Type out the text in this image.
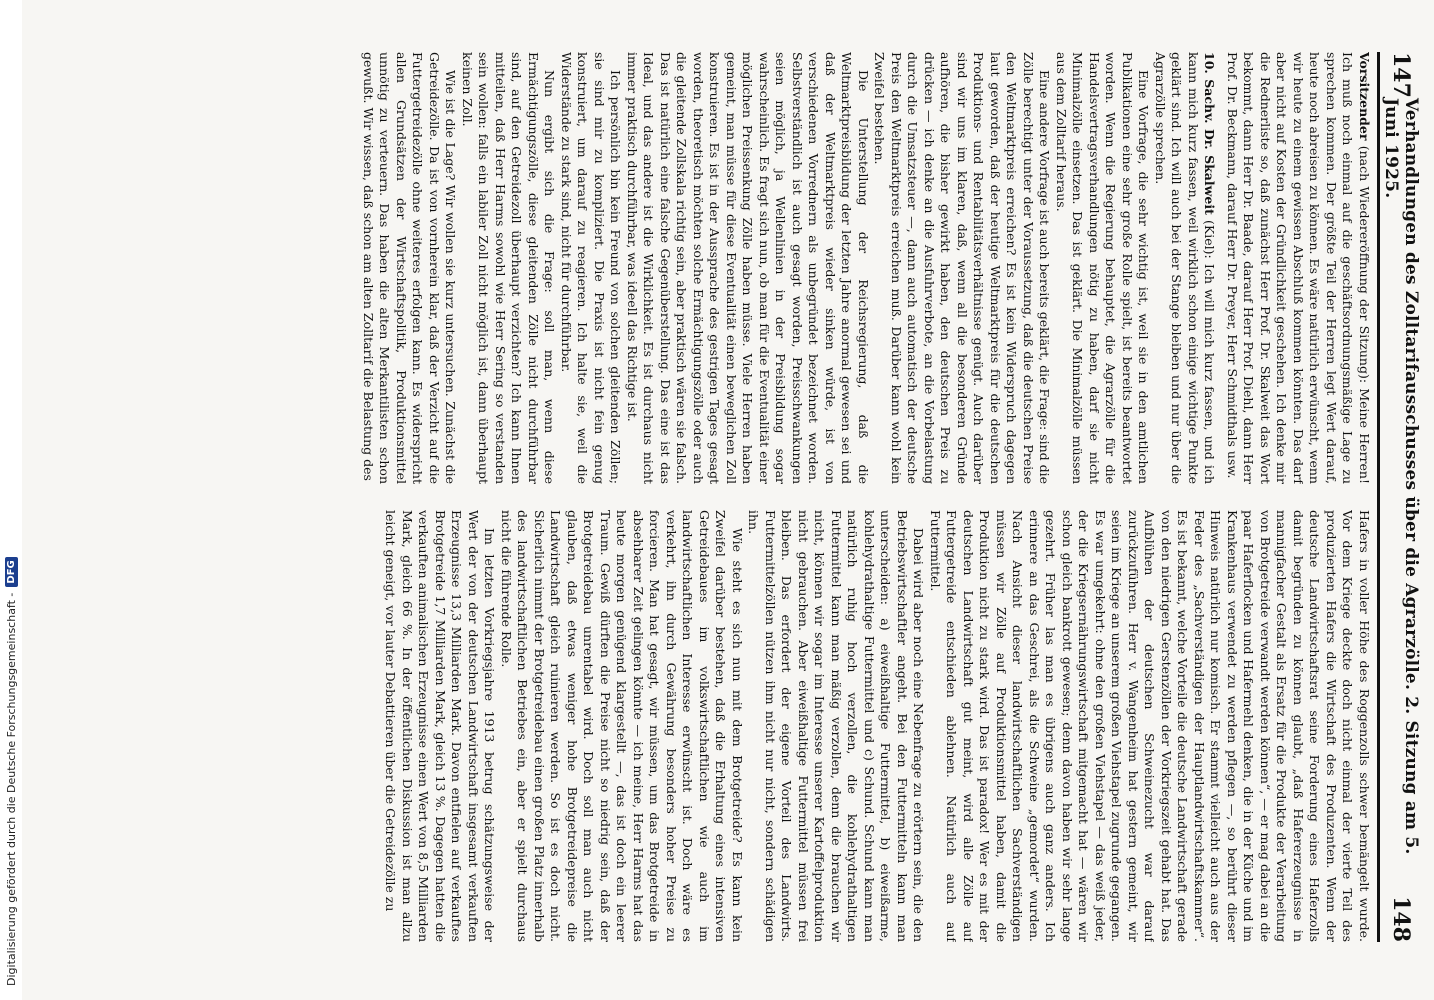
147
Verhandlungen des Zolltarifausschusses über die Agrarzölle. 2. Sitzung am 5. Juni 1925.
148

Vorsitzender (nach Wiedereröffnung der Sitzung): Meine Herren! Ich muß noch einmal auf die geschäftsordnungsmäßige Lage zu sprechen kommen. Der größte Teil der Herren legt Wert darauf, heute noch abreisen zu können. Es wäre natürlich erwünscht, wenn wir heute zu einem gewissen Abschluß kommen könnten. Das darf aber nicht auf Kosten der Gründlichkeit geschehen. Ich denke mir die Rednerliste so, daß zunächst Herr Prof. Dr. Skalweit das Wort bekommt, dann Herr Dr. Baade, darauf Herr Prof. Diehl, dann Herr Prof. Dr. Beckmann, darauf Herr Dr. Preyer, Herr Schmidthals usw.

10. Sachv. Dr. Skalweit (Kiel): Ich will mich kurz fassen, und ich kann mich kurz fassen, weil wirklich schon einige wichtige Punkte geklärt sind. Ich will auch bei der Stange bleiben und nur über die Agrarzölle sprechen.

Eine Vorfrage, die sehr wichtig ist, weil sie in den amtlichen Publikationen eine sehr große Rolle spielt, ist bereits beantwortet worden. Wenn die Regierung behauptet, die Agrarzölle für die Handelsvertragsverhandlungen nötig zu haben, darf sie nicht Minimalzölle einsetzen. Das ist geklärt. Die Minimalzölle müssen aus dem Zolltarif heraus.

Eine andere Vorfrage ist auch bereits geklärt, die Frage: sind die Zölle berechtigt unter der Voraussetzung, daß die deutschen Preise den Weltmarktpreis erreichen? Es ist kein Widerspruch dagegen laut geworden, daß der heutige Weltmarktpreis für die deutschen Produktions- und Rentabilitätsverhältnisse genügt. Auch darüber sind wir uns im klaren, daß, wenn all die besonderen Gründe aufhören, die bisher gewirkt haben, den deutschen Preis zu drücken — ich denke an die Ausfuhrverbote, an die Vorbelastung durch die Umsatzsteuer —, dann auch automatisch der deutsche Preis den Weltmarktpreis erreichen muß. Darüber kann wohl kein Zweifel bestehen.

Die Unterstellung der Reichsregierung, daß die Weltmarktpreisbildung der letzten Jahre anormal gewesen sei und daß der Weltmarktpreis wieder sinken würde, ist von verschiedenen Vorrednern als unbegründet bezeichnet worden. Selbstverständlich ist auch gesagt worden, Preisschwankungen seien möglich, ja Wellenlinien in der Preisbildung sogar wahrscheinlich. Es fragt sich nun, ob man für die Eventualität einer möglichen Preissenkung Zölle haben müsse. Viele Herren haben gemeint, man müsse für diese Eventualität einen beweglichen Zoll konstruieren. Es ist in der Aussprache des gestrigen Tages gesagt worden, theoretisch möchten solche Ermächtigungszölle oder auch die gleitende Zollskala richtig sein, aber praktisch wären sie falsch. Das ist natürlich eine falsche Gegenüberstellung. Das eine ist das Ideal, und das andere ist die Wirklichkeit. Es ist durchaus nicht immer praktisch durchführbar, was ideell das Richtige ist.

Ich persönlich bin kein Freund von solchen gleitenden Zöllen; sie sind mir zu kompliziert. Die Praxis ist nicht fein genug konstruiert, um darauf zu reagieren. Ich halte sie, weil die Widerstände zu stark sind, nicht für durchführbar.

Nun ergibt sich die Frage: soll man, wenn diese Ermächtigungszölle, diese gleitenden Zölle nicht durchführbar sind, auf den Getreidezoll überhaupt verzichten? Ich kann Ihnen mitteilen, daß Herr Harms sowohl wie Herr Sering so verstanden sein wollen: falls ein labiler Zoll nicht möglich ist, dann überhaupt keinen Zoll.

Wie ist die Lage? Wir wollen sie kurz untersuchen. Zunächst die Getreidezölle. Da ist von vornherein klar, daß der Verzicht auf die Futtergetreidezölle ohne weiteres erfolgen kann. Es widerspricht allen Grundsätzen der Wirtschaftspolitik, Produktionsmittel unnötig zu verteuern. Das haben die alten Merkantilisten schon gewußt. Wir wissen, daß schon am alten Zolltarif die Belastung des

Hafers in voller Höhe des Roggenzolls schwer bemängelt wurde. Vor dem Kriege deckte doch nicht einmal der vierte Teil des produzierten Hafers die Wirtschaft des Produzenten. Wenn der deutsche Landwirtschaftsrat seine Forderung eines Haferzolls damit begründen zu können glaubt, „daß Hafererzeugnisse in mannigfacher Gestalt als Ersatz für die Produkte der Verarbeitung von Brotgetreide verwandt werden können“, — er mag dabei an die paar Haferflocken und Hafermehl denken, die in der Küche und im Krankenhaus verwendet zu werden pflegen —, so berührt dieser Hinweis natürlich nur komisch. Er stammt vielleicht auch aus der Feder des „Sachverständigen der Hauptlandwirtschaftskammer“. Es ist bekannt, welche Vorteile die deutsche Landwirtschaft gerade von den niedrigen Gerstenzöllen der Vorkriegszeit gehabt hat. Das Aufblühen der deutschen Schweinezucht war darauf zurückzuführen. Herr v. Wangenheim hat gestern gemeint, wir seien im Kriege an unserem großen Viehstapel zugrunde gegangen. Es war umgekehrt: ohne den großen Viehstapel — das weiß jeder, der die Kriegsernährungswirtschaft mitgemacht hat — wären wir schon gleich bankrott gewesen; denn davon haben wir sehr lange gezehrt. Früher las man es übrigens auch ganz anders. Ich erinnere an das Geschrei, als die Schweine „gemordet“ wurden. Nach Ansicht dieser landwirtschaftlichen Sachverständigen müssen wir Zölle auf Produktionsmittel haben, damit die Produktion nicht zu stark wird. Das ist paradox! Wer es mit der deutschen Landwirtschaft gut meint, wird alle Zölle auf Futtergetreide entschieden ablehnen. Natürlich auch auf Futtermittel.

Dabei wird aber noch eine Nebenfrage zu erörtern sein, die den Betriebswirtschaftler angeht. Bei den Futtermitteln kann man unterscheiden: a) eiweißhaltige Futtermittel, b) eiweißarme, kohlehydrathaltige Futtermittel und c) Schund. Schund kann man natürlich ruhig hoch verzollen, die kohlehydrathaltigen Futtermittel kann man mäßig verzollen, denn die brauchen wir nicht, können wir sogar im Interesse unserer Kartoffelproduktion nicht gebrauchen. Aber eiweißhaltige Futtermittel müssen frei bleiben. Das erfordert der eigene Vorteil des Landwirts. Futtermittelzöllen nützen ihm nicht nur nicht, sondern schädigen ihn.

Wie steht es sich nun mit dem Brotgetreide? Es kann kein Zweifel darüber bestehen, daß die Erhaltung eines intensiven Getreidebaues im volkswirtschaftlichen wie auch im landwirtschaftlichen Interesse erwünscht ist. Doch wäre es verkehrt, ihn durch Gewährung besonders hoher Preise zu forcieren. Man hat gesagt, wir müssen, um das Brotgetreide in absehbarer Zeit gelingen könnte — ich meine, Herr Harms hat das heute morgen genügend klargestellt —, das ist doch ein leerer Traum. Gewiß dürften die Preise nicht so niedrig sein, daß der Brotgetreidebau unrentabel wird. Doch soll man auch nicht glauben, daß etwas weniger hohe Brotgetreidepreise die Landwirtschaft gleich ruinieren werden. So ist es doch nicht. Sicherlich nimmt der Brotgetreidebau einen großen Platz innerhalb des landwirtschaftlichen Betriebes ein, aber er spielt durchaus nicht die führende Rolle.

Im letzten Vorkriegsjahre 1913 betrug schätzungsweise der Wert der von der deutschen Landwirtschaft insgesamt verkauften Erzeugnisse 13,3 Milliarden Mark. Davon entfielen auf verkauftes Brotgetreide 1,7 Milliarden Mark, gleich 13 %. Dagegen hatten die verkauften animalischen Erzeugnisse einen Wert von 8,5 Milliarden Mark, gleich 66 %. In der öffentlichen Diskussion ist man allzu leicht geneigt, vor lauter Debattieren über die Getreidezölle zu

Digitalisierung gefördert durch die Deutsche Forschungsgemeinschaft -
DFG
